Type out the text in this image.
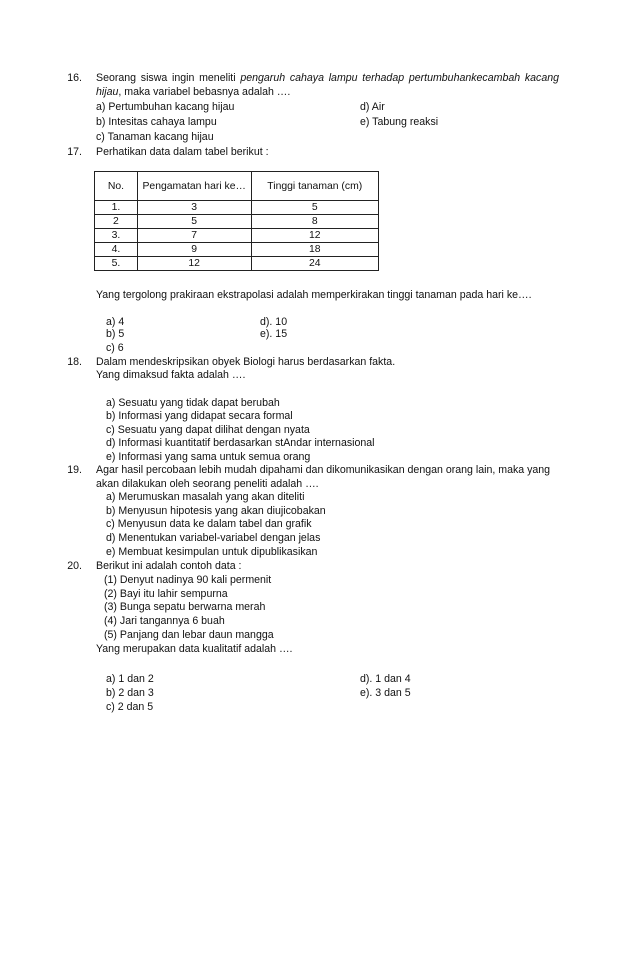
16. Seorang siswa ingin meneliti pengaruh cahaya lampu terhadap pertumbuhankecambah kacang
hijau, maka variabel bebasnya adalah ….
a) Pertumbuhan kacang hijau
b) Intesitas cahaya lampu
c) Tanaman kacang hijau
d) Air
e) Tabung reaksi
17. Perhatikan data dalam tabel berikut :
No.	Pengamatan hari ke…	Tinggi tanaman (cm)
1.	3	5
2	5	8
3.	7	12
4.	9	18
5.	12	24
Yang tergolong prakiraan ekstrapolasi adalah memperkirakan tinggi tanaman pada hari ke….
a) 4
b) 5
c) 6
d). 10
e). 15
18. Dalam mendeskripsikan obyek Biologi harus berdasarkan fakta.
Yang dimaksud fakta adalah ….
a) Sesuatu yang tidak dapat berubah
b) Informasi yang didapat secara formal
c) Sesuatu yang dapat dilihat dengan nyata
d) Informasi kuantitatif berdasarkan stAndar internasional
e) Informasi yang sama untuk semua orang
19. Agar hasil percobaan lebih mudah dipahami dan dikomunikasikan dengan orang lain, maka yang
akan dilakukan oleh seorang peneliti adalah ….
a) Merumuskan masalah yang akan diteliti
b) Menyusun hipotesis yang akan diujicobakan
c) Menyusun data ke dalam tabel dan grafik
d) Menentukan variabel-variabel dengan jelas
e) Membuat kesimpulan untuk dipublikasikan
20. Berikut ini adalah contoh data :
(1) Denyut nadinya 90 kali permenit
(2) Bayi itu lahir sempurna
(3) Bunga sepatu berwarna merah
(4) Jari tangannya 6 buah
(5) Panjang dan lebar daun mangga
Yang merupakan data kualitatif adalah ….
a) 1 dan 2
b) 2 dan 3
c) 2 dan 5
d). 1 dan 4
e). 3 dan 5
